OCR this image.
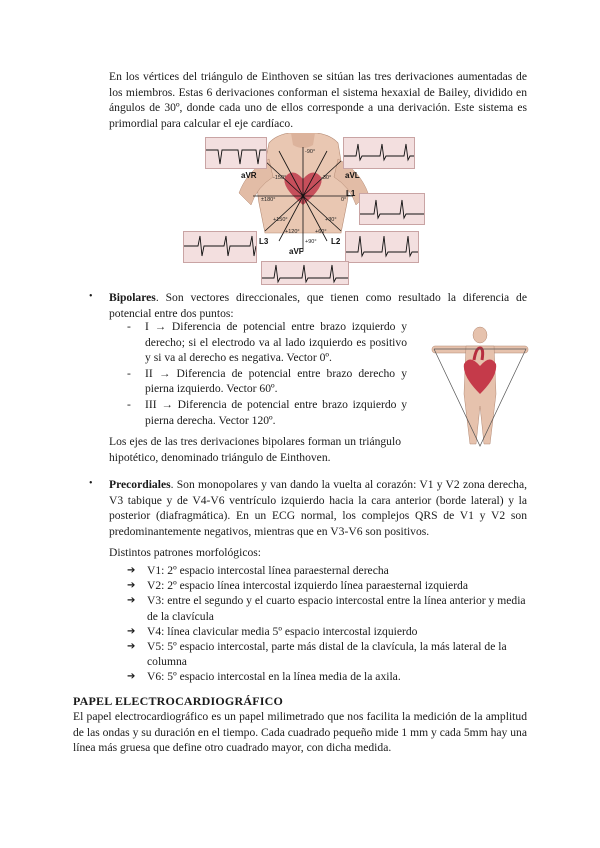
En los vértices del triángulo de Einthoven se sitúan las tres derivaciones aumentadas de los miembros. Estas 6 derivaciones conforman el sistema hexaxial de Bailey, dividido en ángulos de 30º, donde cada uno de ellos corresponde a una derivación. Este sistema es primordial para calcular el eje cardíaco.

aVR	aVL
L1
L2
L3
aVF
-90°
-150°	-30°
±180°	0°
+150°	+30°
+120°	+60°
+90°
• Bipolares. Son vectores direccionales, que tienen como resultado la diferencia de potencial entre dos puntos:

- I → Diferencia de potencial entre brazo izquierdo y derecho; si el electrodo va al lado izquierdo es positivo y si va al derecho es negativa. Vector 0º.
- II → Diferencia de potencial entre brazo derecho y pierna izquierdo. Vector 60º.
- III → Diferencia de potencial entre brazo izquierdo y pierna derecha. Vector 120º.

Los ejes de las tres derivaciones bipolares forman un triángulo hipotético, denominado triángulo de Einthoven.

• Precordiales. Son monopolares y van dando la vuelta al corazón: V1 y V2 zona derecha, V3 tabique y de V4-V6 ventrículo izquierdo hacia la cara anterior (borde lateral) y la posterior (diafragmática). En un ECG normal, los complejos QRS de V1 y V2 son predominantemente negativos, mientras que en V3-V6 son positivos.

Distintos patrones morfológicos:

➔ V1: 2º espacio intercostal línea paraesternal derecha
➔ V2: 2º espacio línea intercostal izquierdo línea paraesternal izquierda
➔ V3: entre el segundo y el cuarto espacio intercostal entre la línea anterior y media de la clavícula
➔ V4: línea clavicular media 5º espacio intercostal izquierdo
➔ V5: 5º espacio intercostal, parte más distal de la clavícula, la más lateral de la columna
➔ V6: 5º espacio intercostal en la línea media de la axila.
PAPEL ELECTROCARDIOGRÁFICO

El papel electrocardiográfico es un papel milimetrado que nos facilita la medición de la amplitud de las ondas y su duración en el tiempo. Cada cuadrado pequeño mide 1 mm y cada 5mm hay una línea más gruesa que define otro cuadrado mayor, con dicha medida.
